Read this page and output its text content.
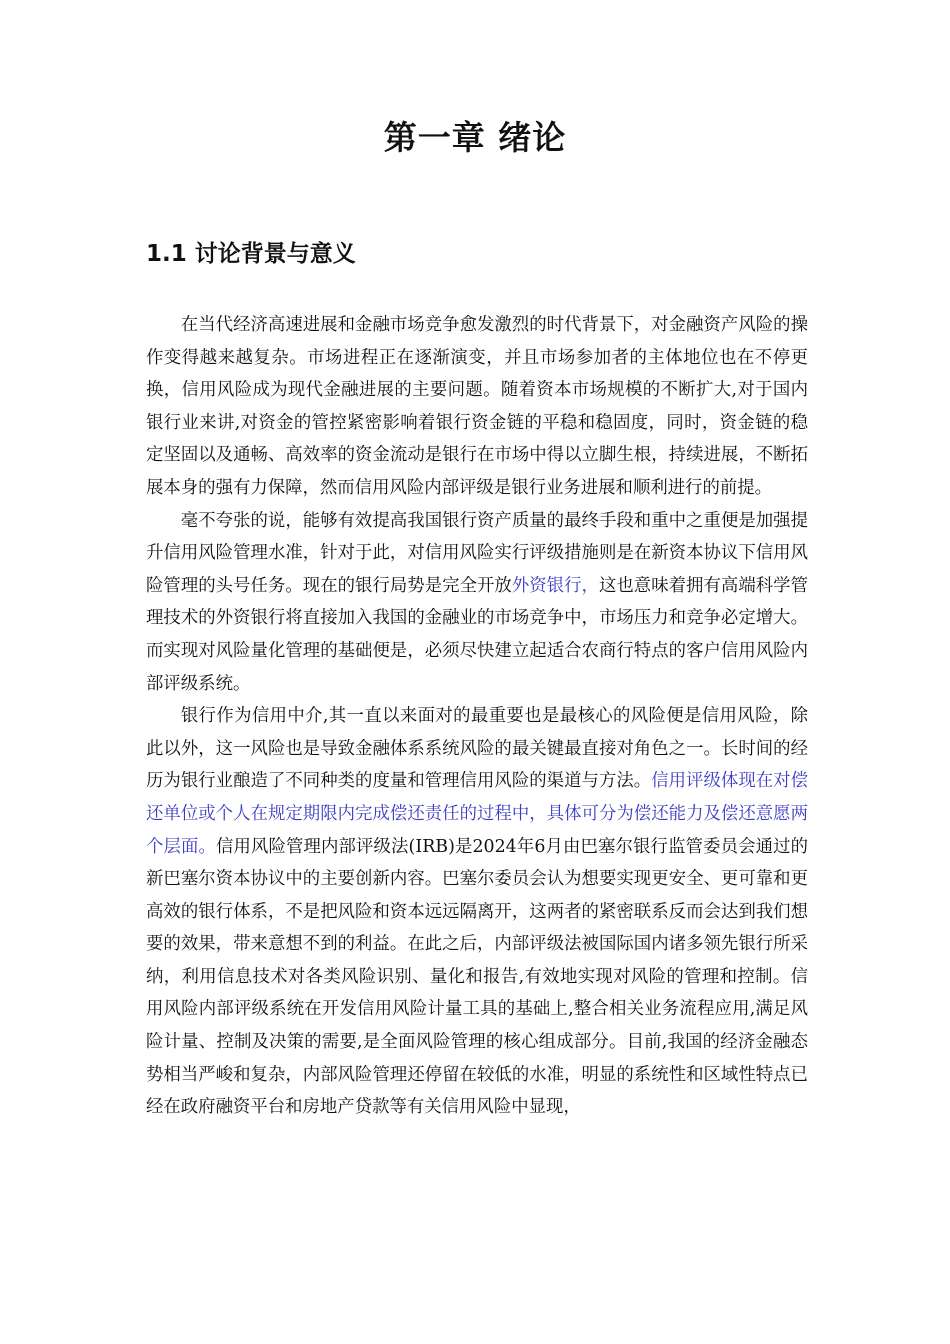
第一章 绪论
1.1 讨论背景与意义

在当代经济高速进展和金融市场竞争愈发激烈的时代背景下，对金融资产风险的操作变得越来越复杂。市场进程正在逐渐演变，并且市场参加者的主体地位也在不停更换，信用风险成为现代金融进展的主要问题。随着资本市场规模的不断扩大,对于国内银行业来讲,对资金的管控紧密影响着银行资金链的平稳和稳固度，同时，资金链的稳定坚固以及通畅、高效率的资金流动是银行在市场中得以立脚生根，持续进展，不断拓展本身的强有力保障，然而信用风险内部评级是银行业务进展和顺利进行的前提。

毫不夸张的说，能够有效提高我国银行资产质量的最终手段和重中之重便是加强提升信用风险管理水准，针对于此，对信用风险实行评级措施则是在新资本协议下信用风险管理的头号任务。现在的银行局势是完全开放外资银行，这也意味着拥有高端科学管理技术的外资银行将直接加入我国的金融业的市场竞争中，市场压力和竞争必定增大。而实现对风险量化管理的基础便是，必须尽快建立起适合农商行特点的客户信用风险内部评级系统。

银行作为信用中介,其一直以来面对的最重要也是最核心的风险便是信用风险，除此以外，这一风险也是导致金融体系系统风险的最关键最直接对角色之一。长时间的经历为银行业酿造了不同种类的度量和管理信用风险的渠道与方法。信用评级体现在对偿还单位或个人在规定期限内完成偿还责任的过程中，具体可分为偿还能力及偿还意愿两个层面。信用风险管理内部评级法(IRB)是2024年6月由巴塞尔银行监管委员会通过的新巴塞尔资本协议中的主要创新内容。巴塞尔委员会认为想要实现更安全、更可靠和更高效的银行体系，不是把风险和资本远远隔离开，这两者的紧密联系反而会达到我们想要的效果，带来意想不到的利益。在此之后，内部评级法被国际国内诸多领先银行所采纳，利用信息技术对各类风险识别、量化和报告,有效地实现对风险的管理和控制。信用风险内部评级系统在开发信用风险计量工具的基础上,整合相关业务流程应用,满足风险计量、控制及决策的需要,是全面风险管理的核心组成部分。目前,我国的经济金融态势相当严峻和复杂，内部风险管理还停留在较低的水准，明显的系统性和区域性特点已经在政府融资平台和房地产贷款等有关信用风险中显现，
